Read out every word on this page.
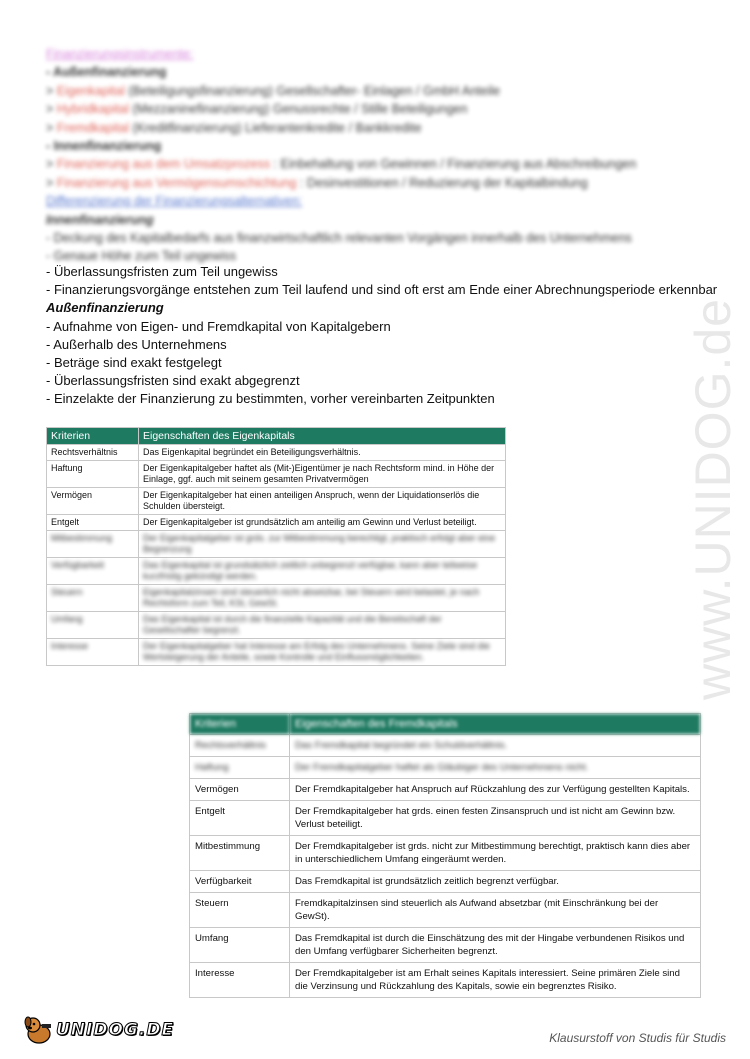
www.UNIDOG.de
Finanzierungsinstrumente:
- Außenfinanzierung
> Eigenkapital (Beteiligungsfinanzierung) Gesellschafter- Einlagen / GmbH Anteile
> Hybridkapital (Mezzaninefinanzierung) Genussrechte / Stille Beteiligungen
> Fremdkapital (Kreditfinanzierung) Lieferantenkredite / Bankkredite
- Innenfinanzierung
> Finanzierung aus dem Umsatzprozess : Einbehaltung von Gewinnen / Finanzierung aus Abschreibungen
> Finanzierung aus Vermögensumschichtung : Desinvestitionen / Reduzierung der Kapitalbindung
Differenzierung der Finanzierungsalternativen:
Innenfinanzierung
- Deckung des Kapitalbedarfs aus finanzwirtschaftlich relevanten Vorgängen innerhalb des Unternehmens
- Genaue Höhe zum Teil ungewiss
- Überlassungsfristen zum Teil ungewiss
- Finanzierungsvorgänge entstehen zum Teil laufend und sind oft erst am Ende einer Abrechnungsperiode erkennbar
Außenfinanzierung
- Aufnahme von Eigen- und Fremdkapital von Kapitalgebern
- Außerhalb des Unternehmens
- Beträge sind exakt festgelegt
- Überlassungsfristen sind exakt abgegrenzt
- Einzelakte der Finanzierung zu bestimmten, vorher vereinbarten Zeitpunkten
Kriterien	Eigenschaften des Eigenkapitals
Rechtsverhältnis	Das Eigenkapital begründet ein Beteiligungsverhältnis.
Haftung	Der Eigenkapitalgeber haftet als (Mit-)Eigentümer je nach Rechtsform mind. in Höhe der Einlage, ggf. auch mit seinem gesamten Privatvermögen
Vermögen	Der Eigenkapitalgeber hat einen anteiligen Anspruch, wenn der Liquidationserlös die Schulden übersteigt.
Entgelt	Der Eigenkapitalgeber ist grundsätzlich am anteilig am Gewinn und Verlust beteiligt.
Mitbestimmung	Der Eigenkapitalgeber ist grds. zur Mitbestimmung berechtigt, praktisch erfolgt aber eine Begrenzung
Verfügbarkeit	Das Eigenkapital ist grundsätzlich zeitlich unbegrenzt verfügbar, kann aber teilweise kurzfristig gekündigt werden.
Steuern	Eigenkapitalzinsen sind steuerlich nicht absetzbar, bei Steuern wird belastet, je nach Rechtsform zum Teil, KSt, GewSt.
Umfang	Das Eigenkapital ist durch die finanzielle Kapazität und die Bereitschaft der Gesellschafter begrenzt.
Interesse	Der Eigenkapitalgeber hat Interesse am Erfolg des Unternehmens. Seine Ziele sind die Wertsteigerung der Anteile, sowie Kontrolle und Einflussmöglichkeiten.
Kriterien	Eigenschaften des Fremdkapitals
Rechtsverhältnis	Das Fremdkapital begründet ein Schuldverhältnis.
Haftung	Der Fremdkapitalgeber haftet als Gläubiger des Unternehmens nicht.
Vermögen	Der Fremdkapitalgeber hat Anspruch auf Rückzahlung des zur Verfügung gestellten Kapitals.
Entgelt	Der Fremdkapitalgeber hat grds. einen festen Zinsanspruch und ist nicht am Gewinn bzw. Verlust beteiligt.
Mitbestimmung	Der Fremdkapitalgeber ist grds. nicht zur Mitbestimmung berechtigt, praktisch kann dies aber in unterschiedlichem Umfang eingeräumt werden.
Verfügbarkeit	Das Fremdkapital ist grundsätzlich zeitlich begrenzt verfügbar.
Steuern	Fremdkapitalzinsen sind steuerlich als Aufwand absetzbar (mit Einschränkung bei der GewSt).
Umfang	Das Fremdkapital ist durch die Einschätzung des mit der Hingabe verbundenen Risikos und den Umfang verfügbarer Sicherheiten begrenzt.
Interesse	Der Fremdkapitalgeber ist am Erhalt seines Kapitals interessiert. Seine primären Ziele sind die Verzinsung und Rückzahlung des Kapitals, sowie ein begrenztes Risiko.
UNIDOG.DE	Klausurstoff von Studis für Studis
